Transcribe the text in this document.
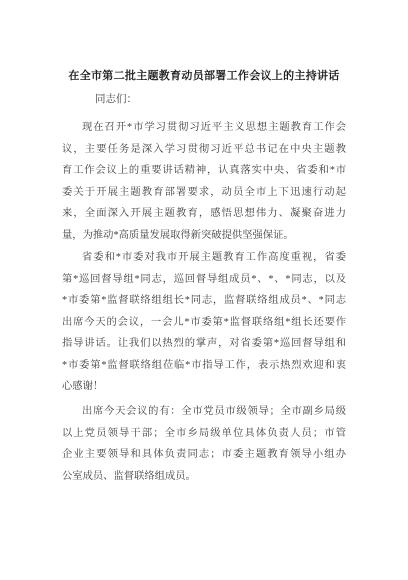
在全市第二批主题教育动员部署工作会议上的主持讲话
同志们：
现在召开*市学习贯彻习近平主义思想主题教育工作会
议，主要任务是深入学习贯彻习近平总书记在中央主题教
育工作会议上的重要讲话精神，认真落实中央、省委和*市
委关于开展主题教育部署要求，动员全市上下迅速行动起
来，全面深入开展主题教育，感悟思想伟力、凝聚奋进力
量，为推动*高质量发展取得新突破提供坚强保证。
省委和*市委对我市开展主题教育工作高度重视，省委
第*巡回督导组*同志，巡回督导组成员*、*、*同志，以及
*市委第*监督联络组组长*同志，监督联络组成员*、*同志
出席今天的会议，一会儿*市委第*监督联络组*组长还要作
指导讲话。让我们以热烈的掌声，对省委第*巡回督导组和
*市委第*监督联络组莅临*市指导工作，表示热烈欢迎和衷
心感谢！
出席今天会议的有：全市党员市级领导；全市副乡局级
以上党员领导干部；全市乡局级单位具体负责人员；市管
企业主要领导和具体负责同志；市委主题教育领导小组办
公室成员、监督联络组成员。
